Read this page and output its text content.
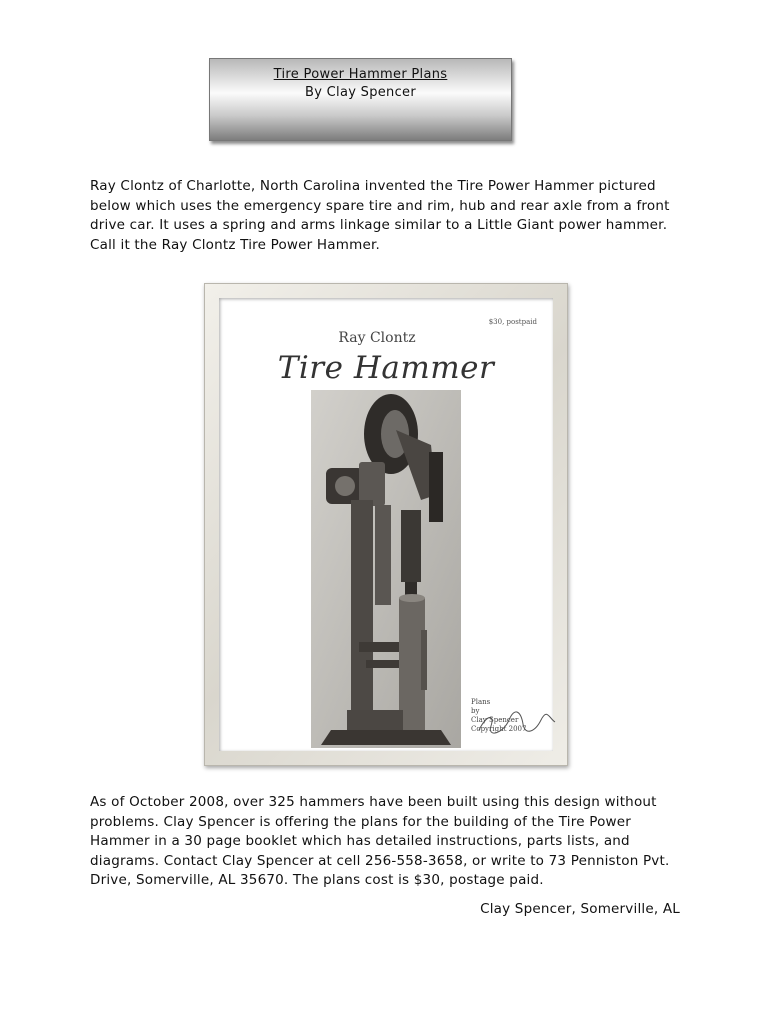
Tire Power Hammer Plans
By Clay Spencer

Ray Clontz of Charlotte, North Carolina invented the Tire Power Hammer pictured below which uses the emergency spare tire and rim, hub and rear axle from a front drive car. It uses a spring and arms linkage similar to a Little Giant power hammer. Call it the Ray Clontz Tire Power Hammer.

$30, postpaid
Ray Clontz
Tire Hammer
Plans
by
Clay Spencer
Copyright 2007

As of October 2008, over 325 hammers have been built using this design without problems. Clay Spencer is offering the plans for the building of the Tire Power Hammer in a 30 page booklet which has detailed instructions, parts lists, and diagrams. Contact Clay Spencer at cell 256-558-3658, or write to 73 Penniston Pvt. Drive, Somerville, AL 35670. The plans cost is $30, postage paid.

Clay Spencer, Somerville, AL
